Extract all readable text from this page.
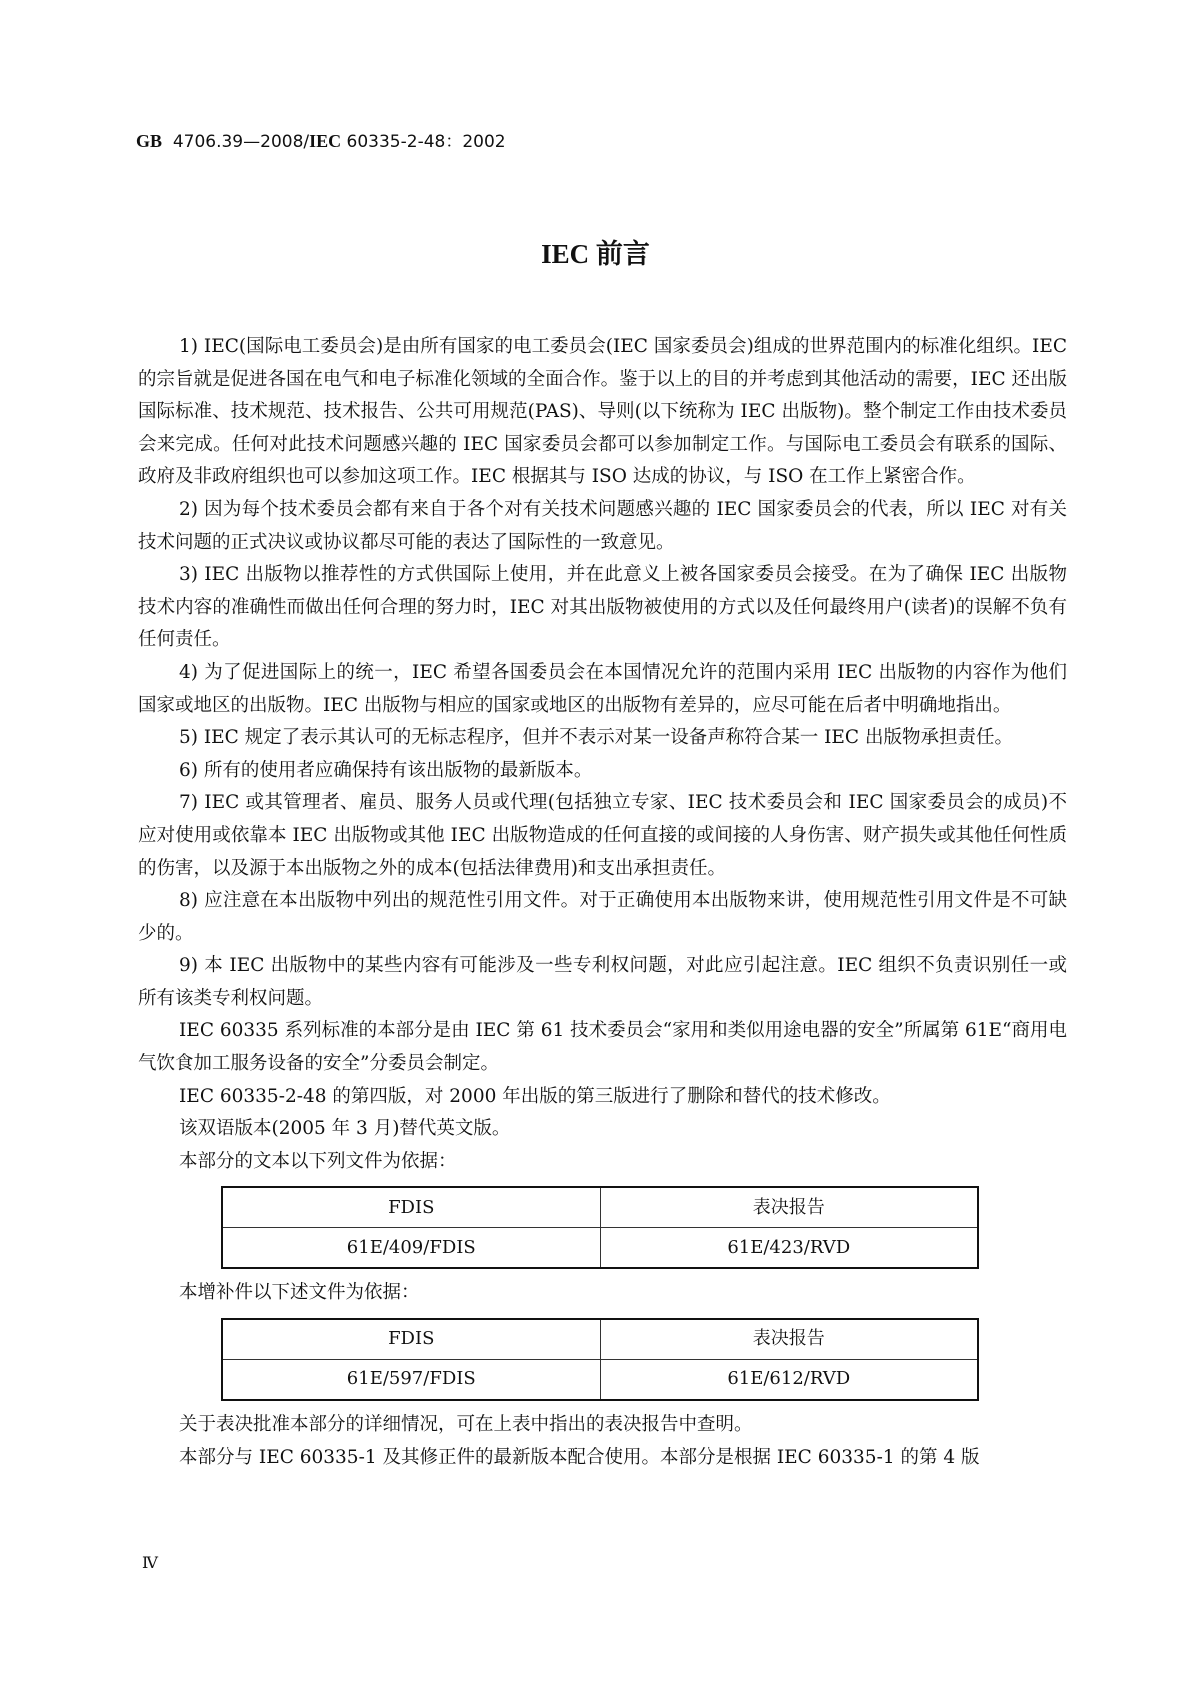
GB 4706.39—2008/IEC 60335-2-48：2002
IEC 前言

1) IEC(国际电工委员会)是由所有国家的电工委员会(IEC 国家委员会)组成的世界范围内的标准化组织。IEC 的宗旨就是促进各国在电气和电子标准化领域的全面合作。鉴于以上的目的并考虑到其他活动的需要，IEC 还出版国际标准、技术规范、技术报告、公共可用规范(PAS)、导则(以下统称为 IEC 出版物)。整个制定工作由技术委员会来完成。任何对此技术问题感兴趣的 IEC 国家委员会都可以参加制定工作。与国际电工委员会有联系的国际、政府及非政府组织也可以参加这项工作。IEC 根据其与 ISO 达成的协议，与 ISO 在工作上紧密合作。

2) 因为每个技术委员会都有来自于各个对有关技术问题感兴趣的 IEC 国家委员会的代表，所以 IEC 对有关技术问题的正式决议或协议都尽可能的表达了国际性的一致意见。

3) IEC 出版物以推荐性的方式供国际上使用，并在此意义上被各国家委员会接受。在为了确保 IEC 出版物技术内容的准确性而做出任何合理的努力时，IEC 对其出版物被使用的方式以及任何最终用户(读者)的误解不负有任何责任。

4) 为了促进国际上的统一，IEC 希望各国委员会在本国情况允许的范围内采用 IEC 出版物的内容作为他们国家或地区的出版物。IEC 出版物与相应的国家或地区的出版物有差异的，应尽可能在后者中明确地指出。

5) IEC 规定了表示其认可的无标志程序，但并不表示对某一设备声称符合某一 IEC 出版物承担责任。

6) 所有的使用者应确保持有该出版物的最新版本。

7) IEC 或其管理者、雇员、服务人员或代理(包括独立专家、IEC 技术委员会和 IEC 国家委员会的成员)不应对使用或依靠本 IEC 出版物或其他 IEC 出版物造成的任何直接的或间接的人身伤害、财产损失或其他任何性质的伤害，以及源于本出版物之外的成本(包括法律费用)和支出承担责任。

8) 应注意在本出版物中列出的规范性引用文件。对于正确使用本出版物来讲，使用规范性引用文件是不可缺少的。

9) 本 IEC 出版物中的某些内容有可能涉及一些专利权问题，对此应引起注意。IEC 组织不负责识别任一或所有该类专利权问题。

IEC 60335 系列标准的本部分是由 IEC 第 61 技术委员会“家用和类似用途电器的安全”所属第 61E“商用电气饮食加工服务设备的安全”分委员会制定。

IEC 60335-2-48 的第四版，对 2000 年出版的第三版进行了删除和替代的技术修改。

该双语版本(2005 年 3 月)替代英文版。

本部分的文本以下列文件为依据：

FDIS	表决报告
61E/409/FDIS	61E/423/RVD

本增补件以下述文件为依据：

FDIS	表决报告
61E/597/FDIS	61E/612/RVD

关于表决批准本部分的详细情况，可在上表中指出的表决报告中查明。

本部分与 IEC 60335-1 及其修正件的最新版本配合使用。本部分是根据 IEC 60335-1 的第 4 版

Ⅳ
